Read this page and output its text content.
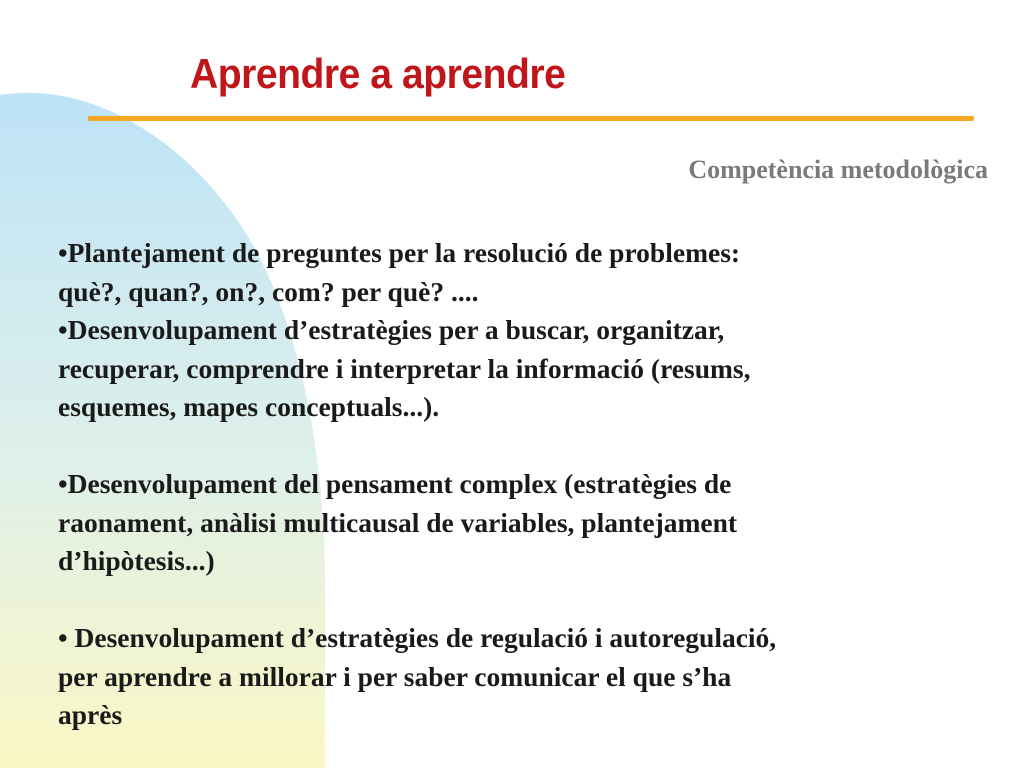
Aprendre a aprendre
Competència metodològica

•Plantejament de preguntes per la resolució de problemes:

què?, quan?, on?, com? per què? ....

•Desenvolupament d’estratègies per a buscar, organitzar,

recuperar, comprendre i interpretar la informació (resums,

esquemes, mapes conceptuals...).

•Desenvolupament del pensament complex (estratègies de

raonament, anàlisi multicausal de variables, plantejament

d’hipòtesis...)

• Desenvolupament d’estratègies de regulació i autoregulació,

per aprendre a millorar i per saber comunicar el que s’ha

après
